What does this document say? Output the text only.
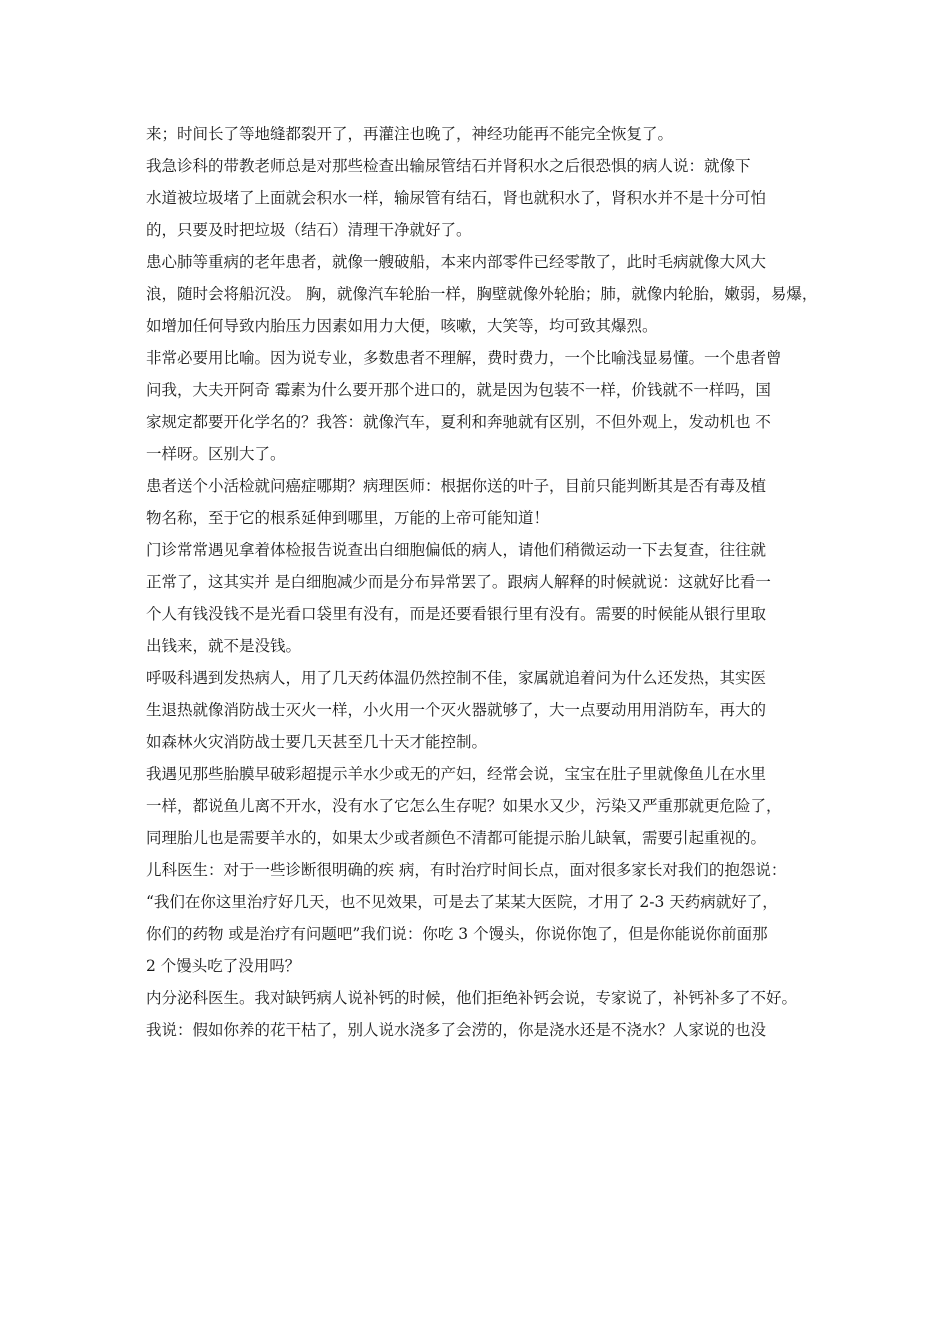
来；时间长了等地缝都裂开了，再灌注也晚了，神经功能再不能完全恢复了。
我急诊科的带教老师总是对那些检查出输尿管结石并肾积水之后很恐惧的病人说：就像下
水道被垃圾堵了上面就会积水一样，输尿管有结石，肾也就积水了，肾积水并不是十分可怕
的，只要及时把垃圾（结石）清理干净就好了。
患心肺等重病的老年患者，就像一艘破船，本来内部零件已经零散了，此时毛病就像大风大
浪，随时会将船沉没。 胸，就像汽车轮胎一样，胸壁就像外轮胎；肺，就像内轮胎，嫩弱，易爆，
如增加任何导致内胎压力因素如用力大便，咳嗽，大笑等，均可致其爆烈。
非常必要用比喻。因为说专业，多数患者不理解，费时费力，一个比喻浅显易懂。一个患者曾
问我，大夫开阿奇 霉素为什么要开那个进口的，就是因为包装不一样，价钱就不一样吗，国
家规定都要开化学名的？我答：就像汽车，夏利和奔驰就有区别，不但外观上，发动机也 不
一样呀。区别大了。
患者送个小活检就问癌症哪期？病理医师：根据你送的叶子，目前只能判断其是否有毒及植
物名称，至于它的根系延伸到哪里，万能的上帝可能知道！
门诊常常遇见拿着体检报告说查出白细胞偏低的病人，请他们稍微运动一下去复查，往往就
正常了，这其实并 是白细胞减少而是分布异常罢了。跟病人解释的时候就说：这就好比看一
个人有钱没钱不是光看口袋里有没有，而是还要看银行里有没有。需要的时候能从银行里取
出钱来，就不是没钱。
呼吸科遇到发热病人，用了几天药体温仍然控制不佳，家属就追着问为什么还发热，其实医
生退热就像消防战士灭火一样，小火用一个灭火器就够了，大一点要动用用消防车，再大的
如森林火灾消防战士要几天甚至几十天才能控制。
我遇见那些胎膜早破彩超提示羊水少或无的产妇，经常会说，宝宝在肚子里就像鱼儿在水里
一样，都说鱼儿离不开水，没有水了它怎么生存呢？如果水又少，污染又严重那就更危险了，
同理胎儿也是需要羊水的，如果太少或者颜色不清都可能提示胎儿缺氧，需要引起重视的。
儿科医生：对于一些诊断很明确的疾 病，有时治疗时间长点，面对很多家长对我们的抱怨说：
“我们在你这里治疗好几天，也不见效果，可是去了某某大医院，才用了 2-3 天药病就好了，
你们的药物 或是治疗有问题吧”我们说：你吃 3 个馒头，你说你饱了，但是你能说你前面那
2 个馒头吃了没用吗？
内分泌科医生。我对缺钙病人说补钙的时候，他们拒绝补钙会说，专家说了，补钙补多了不好。
我说：假如你养的花干枯了，别人说水浇多了会涝的，你是浇水还是不浇水？人家说的也没
